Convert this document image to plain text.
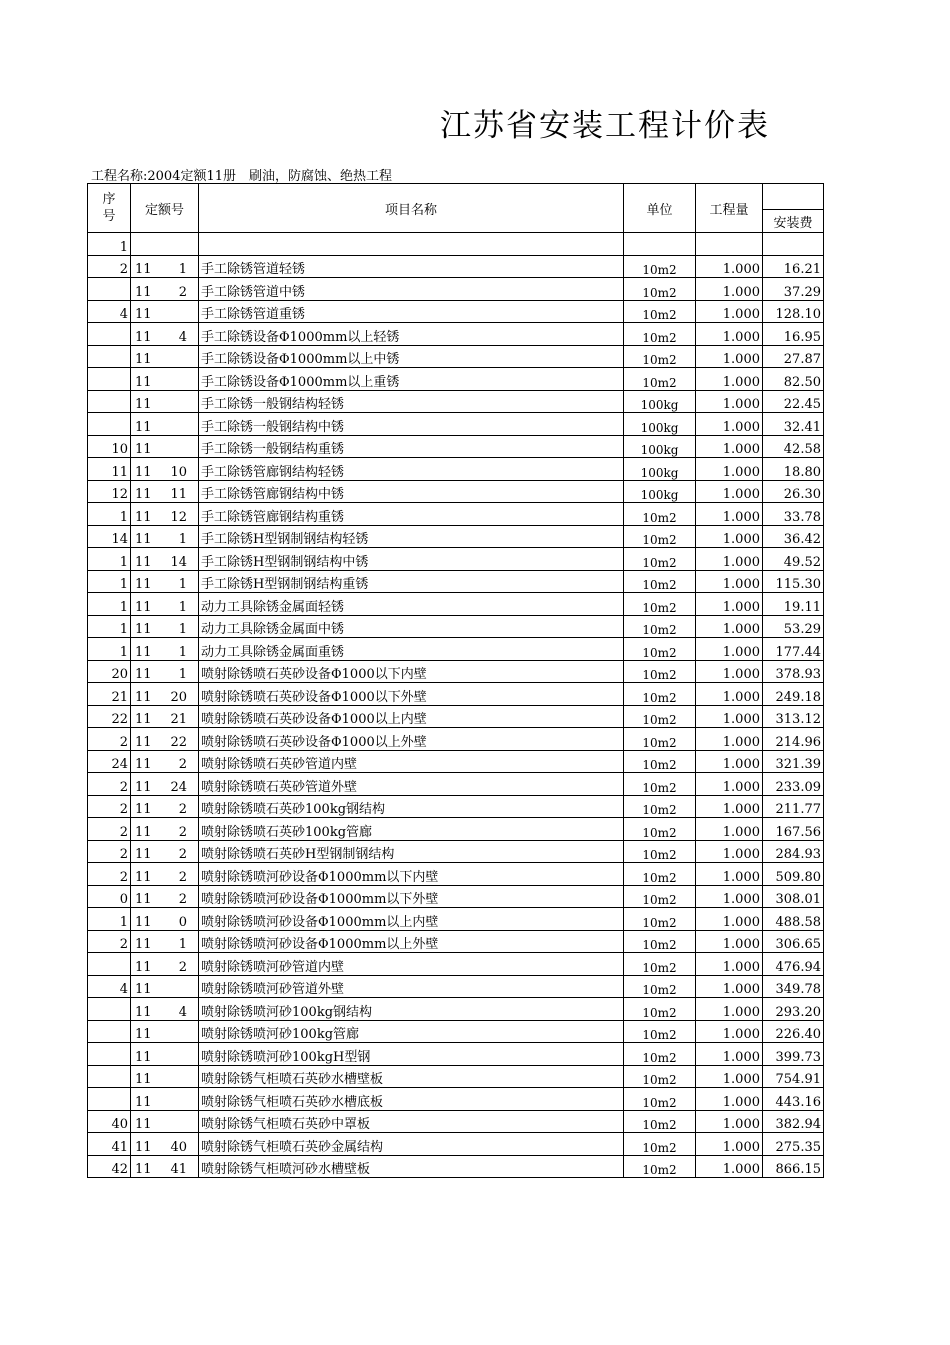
江苏省安装工程计价表
工程名称:2004定额11册　刷油，防腐蚀、绝热工程
序号	定额号	项目名称	单位	工程量	
					安装费
1					
2	11 1	手工除锈管道轻锈	10m2	1.000	16.21
	11 2	手工除锈管道中锈	10m2	1.000	37.29
4	11	手工除锈管道重锈	10m2	1.000	128.10
	11 4	手工除锈设备Φ1000mm以上轻锈	10m2	1.000	16.95
	11	手工除锈设备Φ1000mm以上中锈	10m2	1.000	27.87
	11	手工除锈设备Φ1000mm以上重锈	10m2	1.000	82.50
	11	手工除锈一般钢结构轻锈	100kg	1.000	22.45
	11	手工除锈一般钢结构中锈	100kg	1.000	32.41
10	11	手工除锈一般钢结构重锈	100kg	1.000	42.58
11	11 10	手工除锈管廊钢结构轻锈	100kg	1.000	18.80
12	11 11	手工除锈管廊钢结构中锈	100kg	1.000	26.30
1	11 12	手工除锈管廊钢结构重锈	10m2	1.000	33.78
14	11 1	手工除锈H型钢制钢结构轻锈	10m2	1.000	36.42
1	11 14	手工除锈H型钢制钢结构中锈	10m2	1.000	49.52
1	11 1	手工除锈H型钢制钢结构重锈	10m2	1.000	115.30
1	11 1	动力工具除锈金属面轻锈	10m2	1.000	19.11
1	11 1	动力工具除锈金属面中锈	10m2	1.000	53.29
1	11 1	动力工具除锈金属面重锈	10m2	1.000	177.44
20	11 1	喷射除锈喷石英砂设备Φ1000以下内壁	10m2	1.000	378.93
21	11 20	喷射除锈喷石英砂设备Φ1000以下外壁	10m2	1.000	249.18
22	11 21	喷射除锈喷石英砂设备Φ1000以上内壁	10m2	1.000	313.12
2	11 22	喷射除锈喷石英砂设备Φ1000以上外壁	10m2	1.000	214.96
24	11 2	喷射除锈喷石英砂管道内壁	10m2	1.000	321.39
2	11 24	喷射除锈喷石英砂管道外壁	10m2	1.000	233.09
2	11 2	喷射除锈喷石英砂100kg钢结构	10m2	1.000	211.77
2	11 2	喷射除锈喷石英砂100kg管廊	10m2	1.000	167.56
2	11 2	喷射除锈喷石英砂H型钢制钢结构	10m2	1.000	284.93
2	11 2	喷射除锈喷河砂设备Φ1000mm以下内壁	10m2	1.000	509.80
0	11 2	喷射除锈喷河砂设备Φ1000mm以下外壁	10m2	1.000	308.01
1	11 0	喷射除锈喷河砂设备Φ1000mm以上内壁	10m2	1.000	488.58
2	11 1	喷射除锈喷河砂设备Φ1000mm以上外壁	10m2	1.000	306.65
	11 2	喷射除锈喷河砂管道内壁	10m2	1.000	476.94
4	11	喷射除锈喷河砂管道外壁	10m2	1.000	349.78
	11 4	喷射除锈喷河砂100kg钢结构	10m2	1.000	293.20
	11	喷射除锈喷河砂100kg管廊	10m2	1.000	226.40
	11	喷射除锈喷河砂100kgH型钢	10m2	1.000	399.73
	11	喷射除锈气柜喷石英砂水槽壁板	10m2	1.000	754.91
	11	喷射除锈气柜喷石英砂水槽底板	10m2	1.000	443.16
40	11	喷射除锈气柜喷石英砂中罩板	10m2	1.000	382.94
41	11 40	喷射除锈气柜喷石英砂金属结构	10m2	1.000	275.35
42	11 41	喷射除锈气柜喷河砂水槽壁板	10m2	1.000	866.15
